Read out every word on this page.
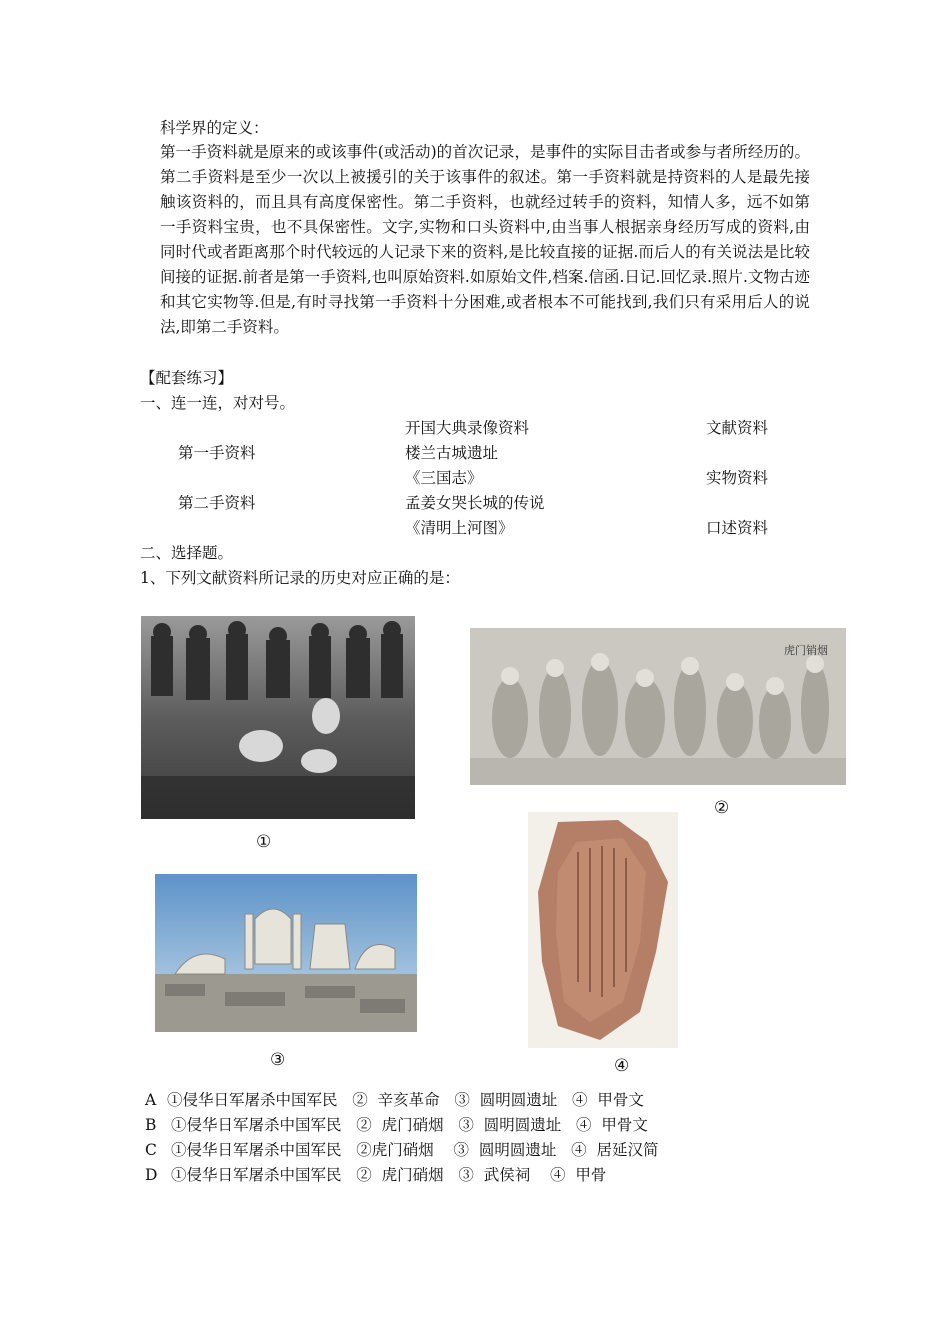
科学界的定义：
第一手资料就是原来的或该事件(或活动)的首次记录，是事件的实际目击者或参与者所经历的。第二手资料是至少一次以上被援引的关于该事件的叙述。第一手资料就是持资料的人是最先接触该资料的，而且具有高度保密性。第二手资料，也就经过转手的资料，知情人多，远不如第一手资料宝贵，也不具保密性。文字,实物和口头资料中,由当事人根据亲身经历写成的资料,由同时代或者距离那个时代较远的人记录下来的资料,是比较直接的证据.而后人的有关说法是比较间接的证据.前者是第一手资料,也叫原始资料.如原始文件,档案.信函.日记.回忆录.照片.文物古迹和其它实物等.但是,有时寻找第一手资料十分困难,或者根本不可能找到,我们只有采用后人的说法,即第二手资料。
【配套练习】
一、连一连，对对号。
第一手资料
第二手资料
开国大典录像资料
楼兰古城遗址
《三国志》
孟姜女哭长城的传说
《清明上河图》
文献资料
实物资料
口述资料
二、选择题。
1、下列文献资料所记录的历史对应正确的是：
①
虎门销烟
②
③	④
A ①侵华日军屠杀中国军民   ②  辛亥革命   ③  圆明圆遗址   ④  甲骨文
B ①侵华日军屠杀中国军民   ②  虎门硝烟   ③  圆明圆遗址   ④  甲骨文
C ①侵华日军屠杀中国军民   ②虎门硝烟    ③  圆明圆遗址   ④  居延汉简
D ①侵华日军屠杀中国军民   ②  虎门硝烟   ③  武侯祠    ④  甲骨
